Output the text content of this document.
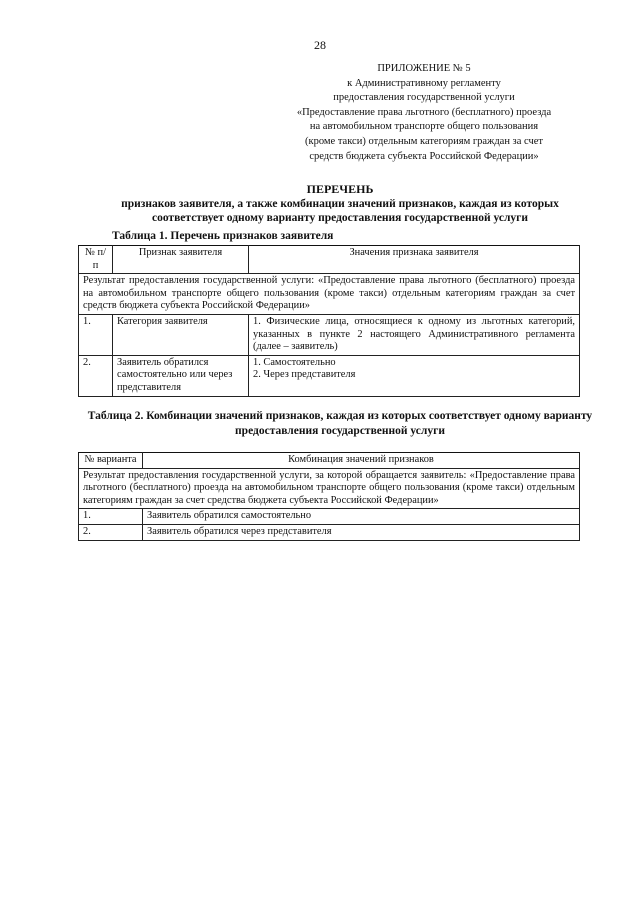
28
ПРИЛОЖЕНИЕ № 5
к Административному регламенту
предоставления государственной услуги
«Предоставление права льготного (бесплатного) проезда
на автомобильном транспорте общего пользования
(кроме такси) отдельным категориям граждан за счет
средств бюджета субъекта Российской Федерации»
ПЕРЕЧЕНЬ
признаков заявителя, а также комбинации значений признаков, каждая из которых
соответствует одному варианту предоставления государственной услуги
Таблица 1. Перечень признаков заявителя
№ п/п	Признак заявителя	Значения признака заявителя
Результат предоставления государственной услуги: «Предоставление права льготного (бесплатного) проезда на автомобильном транспорте общего пользования (кроме такси) отдельным категориям граждан за счет средств бюджета субъекта Российской Федерации»		
1.	Категория заявителя	1. Физические лица, относящиеся к одному из льготных категорий, указанных в пункте 2 настоящего Административного регламента (далее – заявитель)
2.	Заявитель обратился самостоятельно или через представителя	1. Самостоятельно
2. Через представителя
Таблица 2. Комбинации значений признаков, каждая из которых соответствует одному варианту предоставления государственной услуги
№ варианта	Комбинация значений признаков
Результат предоставления государственной услуги, за которой обращается заявитель: «Предоставление права льготного (бесплатного) проезда на автомобильном транспорте общего пользования (кроме такси) отдельным категориям граждан за счет средства бюджета субъекта Российской Федерации»	
1.	Заявитель обратился самостоятельно
2.	Заявитель обратился через представителя
